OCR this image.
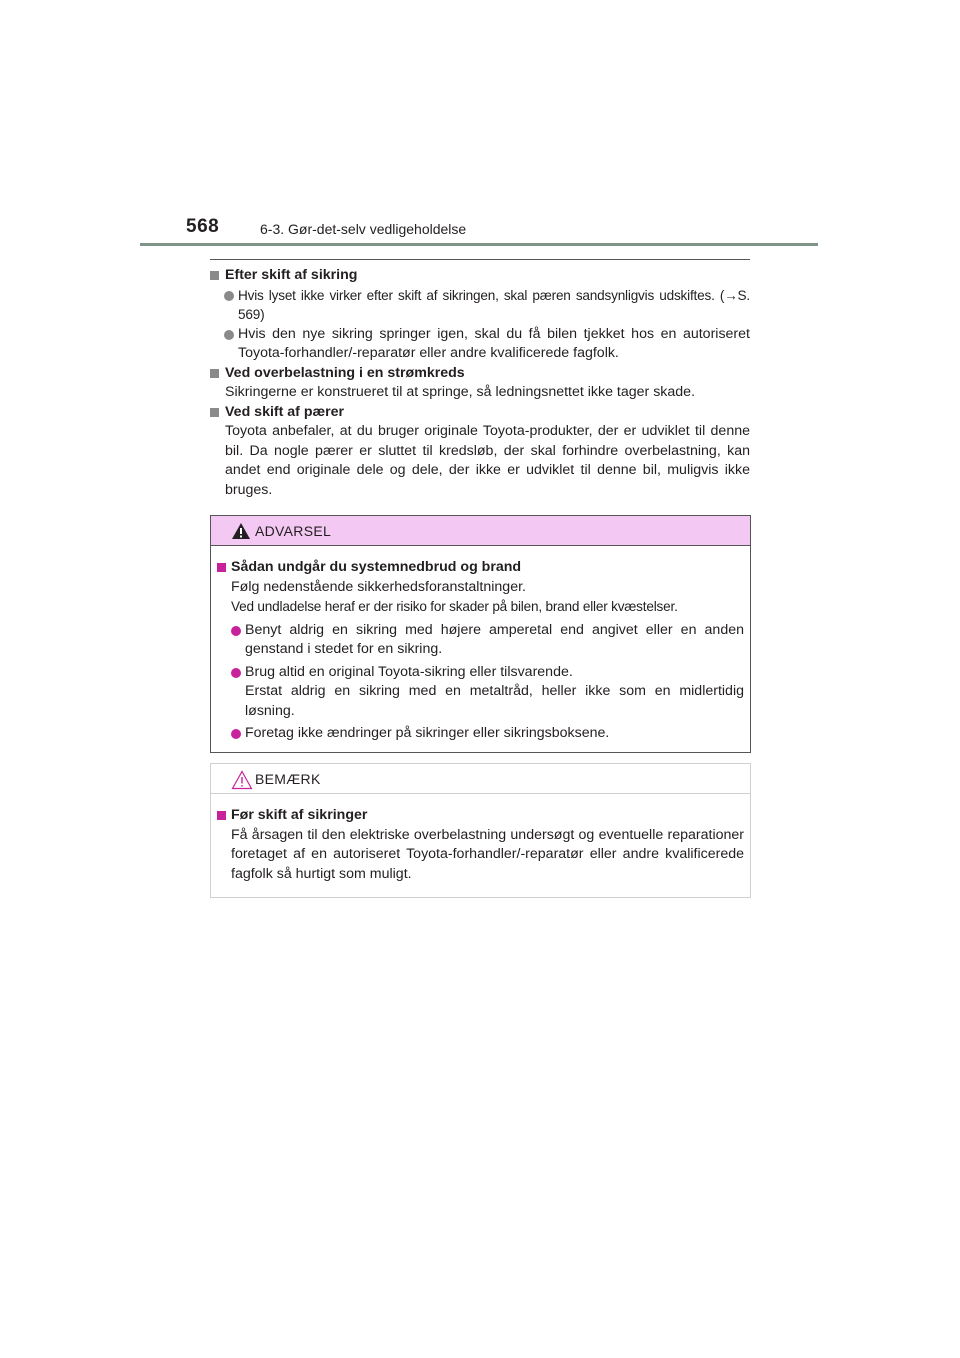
568	6-3. Gør-det-selv vedligeholdelse
Efter skift af sikring
Hvis lyset ikke virker efter skift af sikringen, skal pæren sandsynligvis udskiftes. (→S. 569)
Hvis den nye sikring springer igen, skal du få bilen tjekket hos en autoriseret Toyota-forhandler/-reparatør eller andre kvalificerede fagfolk.
Ved overbelastning i en strømkreds
Sikringerne er konstrueret til at springe, så ledningsnettet ikke tager skade.
Ved skift af pærer
Toyota anbefaler, at du bruger originale Toyota-produkter, der er udviklet til denne bil. Da nogle pærer er sluttet til kredsløb, der skal forhindre overbelastning, kan andet end originale dele og dele, der ikke er udviklet til denne bil, muligvis ikke bruges.
ADVARSEL
Sådan undgår du systemnedbrud og brand
Følg nedenstående sikkerhedsforanstaltninger.
Ved undladelse heraf er der risiko for skader på bilen, brand eller kvæstelser.
Benyt aldrig en sikring med højere amperetal end angivet eller en anden genstand i stedet for en sikring.
Brug altid en original Toyota-sikring eller tilsvarende.
Erstat aldrig en sikring med en metaltråd, heller ikke som en midlertidig løsning.
Foretag ikke ændringer på sikringer eller sikringsboksene.
BEMÆRK
Før skift af sikringer
Få årsagen til den elektriske overbelastning undersøgt og eventuelle reparationer foretaget af en autoriseret Toyota-forhandler/-reparatør eller andre kvalificerede fagfolk så hurtigt som muligt.
